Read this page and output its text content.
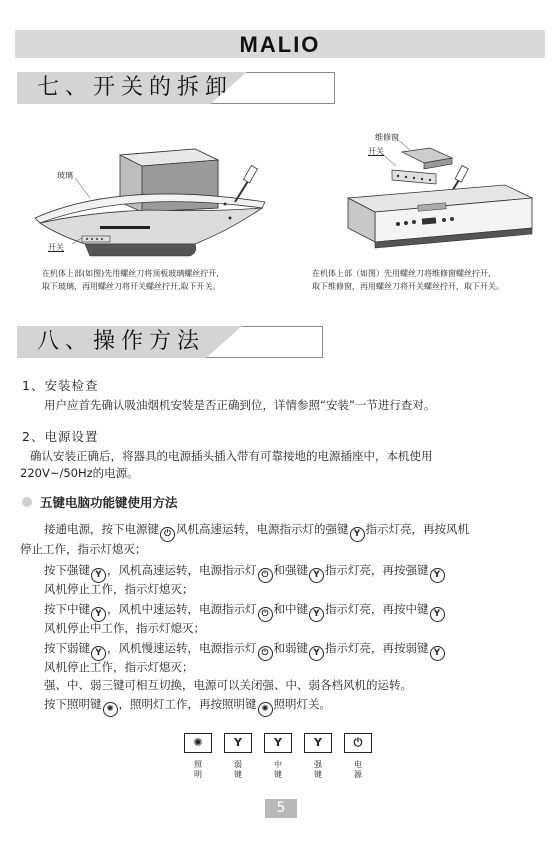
MALIO
七、开关的拆卸
玻璃
开关
在机体上部(如图)先用螺丝刀将顶板玻璃螺丝拧开,
取下玻璃，再用螺丝刀将开关螺丝拧开,取下开关。
维修窗
开关
在机体上部（如图）先用螺丝刀将维修窗螺丝拧开,
取下维修窗，再用螺丝刀将开关螺丝拧开，取下开关。
八、操作方法
1、安装检查
用户应首先确认吸油烟机安装是否正确到位，详情参照“安装”一节进行查对。
2、电源设置
确认安装正确后，将器具的电源插头插入带有可靠接地的电源插座中，本机使用
220V~/50Hz的电源。
五键电脑功能键使用方法
接通电源，按下电源键 ⏻ 风机高速运转，电源指示灯的强键 Y 指示灯亮，再按风机
停止工作，指示灯熄灭；
按下强键 Y ，风机高速运转，电源指示灯 ⏻ 和强键 Y 指示灯亮，再按强键 Y
风机停止工作，指示灯熄灭；
按下中键 Y ，风机中速运转，电源指示灯 ⏻ 和中键 Y 指示灯亮，再按中键 Y
风机停止中工作，指示灯熄灭；
按下弱键 Y ，风机慢速运转，电源指示灯 ⏻ 和弱键 Y 指示灯亮，再按弱键 Y
风机停止工作，指示灯熄灭；
强、中、弱三键可相互切换，电源可以关闭强、中、弱各档风机的运转。
按下照明键 ✺ ，照明灯工作，再按照明键 ✺ 照明灯关。
✺	Y	Y	Y	⏻
照明
弱键
中键
强键
电源
5
